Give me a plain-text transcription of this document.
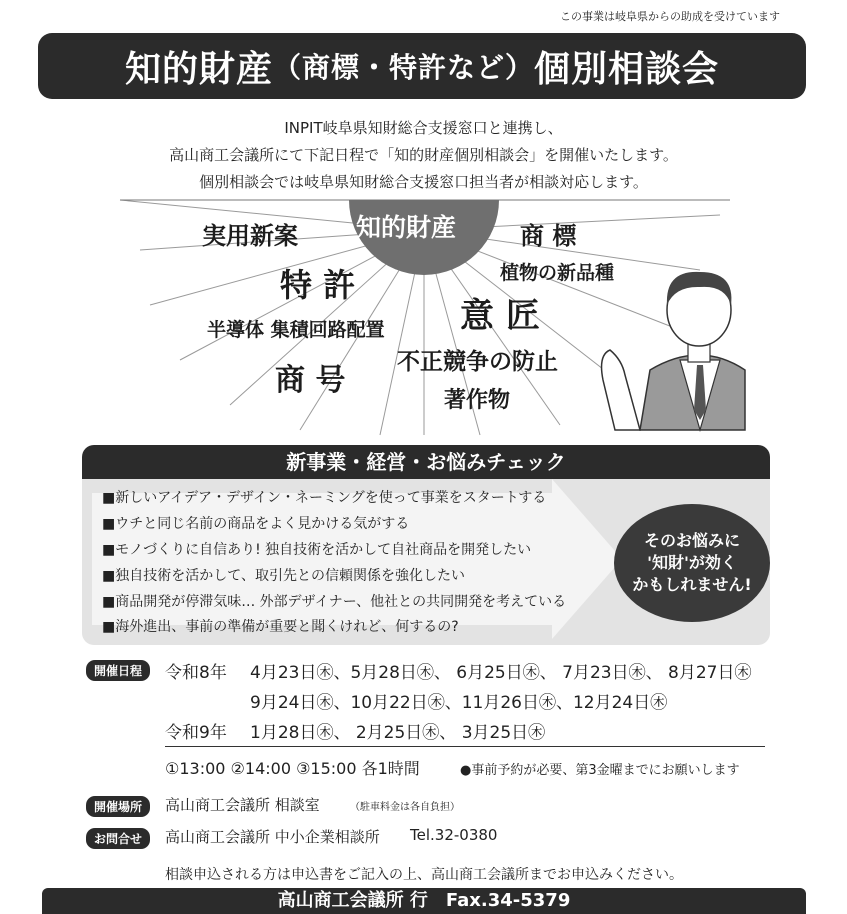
この事業は岐阜県からの助成を受けています
知的財産 （商標・特許など） 個別相談会
INPIT岐阜県知財総合支援窓口と連携し、
高山商工会議所にて下記日程で「知的財産個別相談会」を開催いたします。
個別相談会では岐阜県知財総合支援窓口担当者が相談対応します。
知的財産
実用新案	商 標
特 許	植物の新品種
意 匠
半導体 集積回路配置
商 号
不正競争の防止
著作物
新事業・経営・お悩みチェック
■新しいアイデア・デザイン・ネーミングを使って事業をスタートする
■ウチと同じ名前の商品をよく見かける気がする
■モノづくりに自信あり! 独自技術を活かして自社商品を開発したい
■独自技術を活かして、取引先との信頼関係を強化したい
■商品開発が停滞気味… 外部デザイナー、他社との共同開発を考えている
■海外進出、事前の準備が重要と聞くけれど、何するの?
そのお悩みに
'知財'が効く
かもしれません!
開催日程	令和8年 4月23日㊍、5月28日㊍、 6月25日㊍、 7月23日㊍、 8月27日㊍
9月24日㊍、10月22日㊍、11月26日㊍、12月24日㊍
令和9年 1月28日㊍、 2月25日㊍、 3月25日㊍
①13:00 ②14:00 ③15:00 各1時間	●事前予約が必要、第3金曜までにお願いします
開催場所	高山商工会議所 相談室	（駐車料金は各自負担）
お問合せ	高山商工会議所 中小企業相談所 Tel.32-0380
相談申込される方は申込書をご記入の上、高山商工会議所までお申込みください。
高山商工会議所 行　Fax.34-5379
